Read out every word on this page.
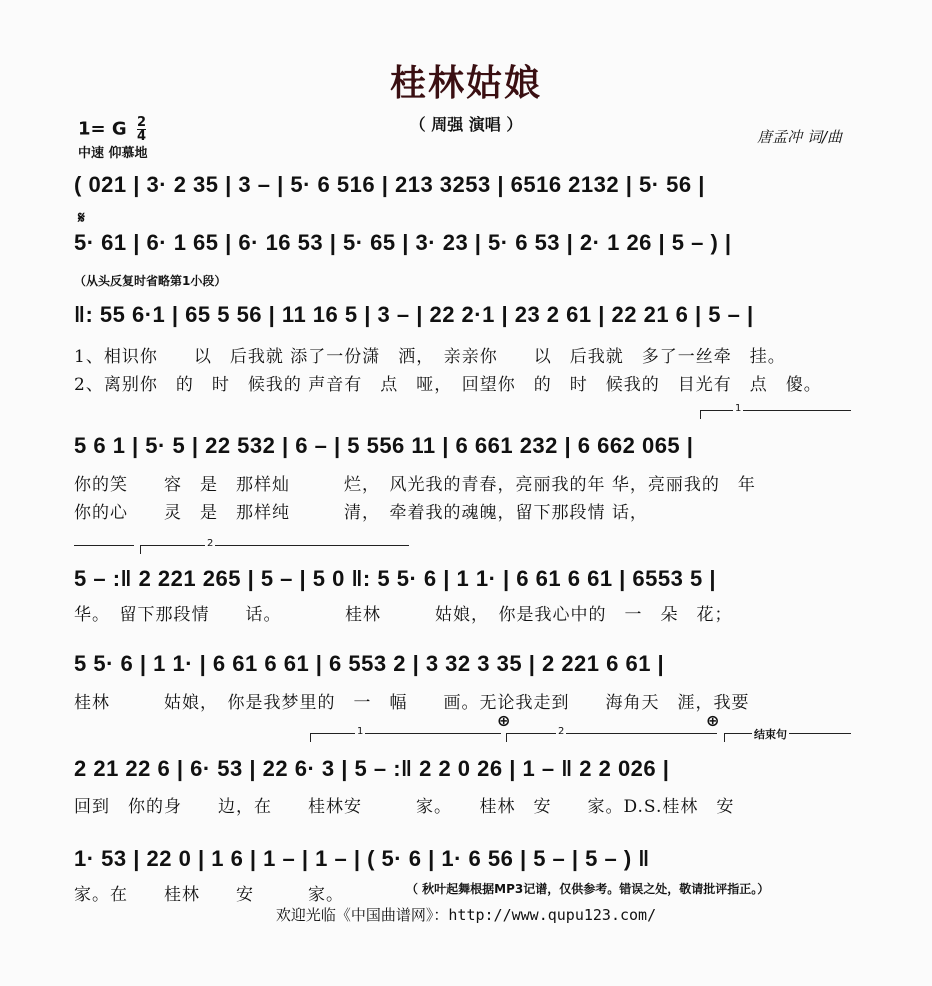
桂林姑娘
（ 周强 演唱 ）
1= G $\frac{2}{4}$
中速 仰慕地
唐孟冲 词/曲
( 021 | 3· 2 35 | 3 – | 5· 6 516 | 213 3253 | 6516 2132 | 5· 56 |
𝄋
5· 61 | 6· 1 65 | 6· 16 53 | 5· 65 | 3· 23 | 5· 6 53 | 2· 1 26 | 5 – ) |
（从头反复时省略第1小段）
‖: 55 6·1 | 65 5 56 | 11 16 5 | 3 – | 22 2·1 | 23 2 61 | 22 21 6 | 5 – |
1、相识你　　以　后我就 添了一份潇　洒，　亲亲你　　以　后我就　多了一丝牵　挂。
2、离别你　的　时　候我的 声音有　点　哑，　回望你　的　时　候我的　目光有　点　傻。
1
5 6 1 | 5· 5 | 22 532 | 6 – | 5 556 11 | 6 661 232 | 6 662 065 |
你的笑　　容　是　那样灿　　　烂，　风光我的青春，亮丽我的年 华，亮丽我的　年
你的心　　灵　是　那样纯　　　清，　牵着我的魂魄，留下那段情 话，
2
5 – :‖ 2 221 265 | 5 – | 5 0 ‖: 5 5· 6 | 1 1· | 6 61 6 61 | 6553 5 |
华。　留下那段情　　话。　　　　桂林　　　姑娘，　你是我心中的　一　朵　花；
5 5· 6 | 1 1· | 6 61 6 61 | 6 553 2 | 3 32 3 35 | 2 221 6 61 |
桂林　　　姑娘，　你是我梦里的　一　幅　　画。无论我走到　　海角天　涯，我要
⊕	⊕
1	2	结束句
2 21 22 6 | 6· 53 | 22 6· 3 | 5 – :‖ 2 2 0 26 | 1 – ‖ 2 2 026 |
回到　你的身　　边，在　　桂林安　　　家。　　桂林　安　　家。D.S.桂林　安
1· 53 | 22 0 | 1 6 | 1 – | 1 – | ( 5· 6 | 1· 6 56 | 5 – | 5 – ) ‖
家。在　　桂林　　安　　　家。	（ 秋叶起舞根据MP3记谱，仅供参考。错误之处，敬请批评指正。）
欢迎光临《中国曲谱网》：http://www.qupu123.com/
